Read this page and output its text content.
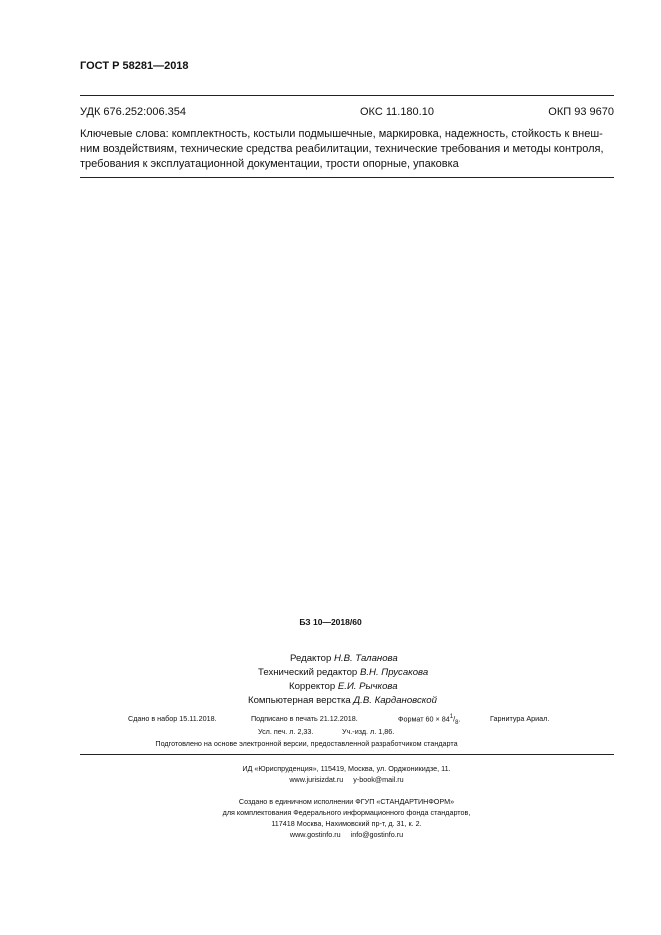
ГОСТ Р 58281—2018
УДК 676.252:006.354	ОКС 11.180.10	ОКП 93 9670
Ключевые слова: комплектность, костыли подмышечные, маркировка, надежность, стойкость к внеш-
ним воздействиям, технические средства реабилитации, технические требования и методы контроля,
требования к эксплуатационной документации, трости опорные, упаковка
БЗ 10—2018/60
Редактор Н.В. Таланова
Технический редактор В.Н. Прусакова
Корректор Е.И. Рычкова
Компьютерная верстка Д.В. Кардановской
Сдано в набор 15.11.2018.	Подписано в печать 21.12.2018.	Формат $60 \times 84^1/_8$.	Гарнитура Ариал.
Усл. печ. л. 2,33.	Уч.-изд. л. 1,86.
Подготовлено на основе электронной версии, предоставленной разработчиком стандарта
ИД «Юриспруденция», 115419, Москва, ул. Орджоникидзе, 11.
www.jurisizdat.ru y-book@mail.ru
Создано в единичном исполнении ФГУП «СТАНДАРТИНФОРМ»
для комплектования Федерального информационного фонда стандартов,
117418 Москва, Нахимовский пр-т, д. 31, к. 2.
www.gostinfo.ru info@gostinfo.ru
